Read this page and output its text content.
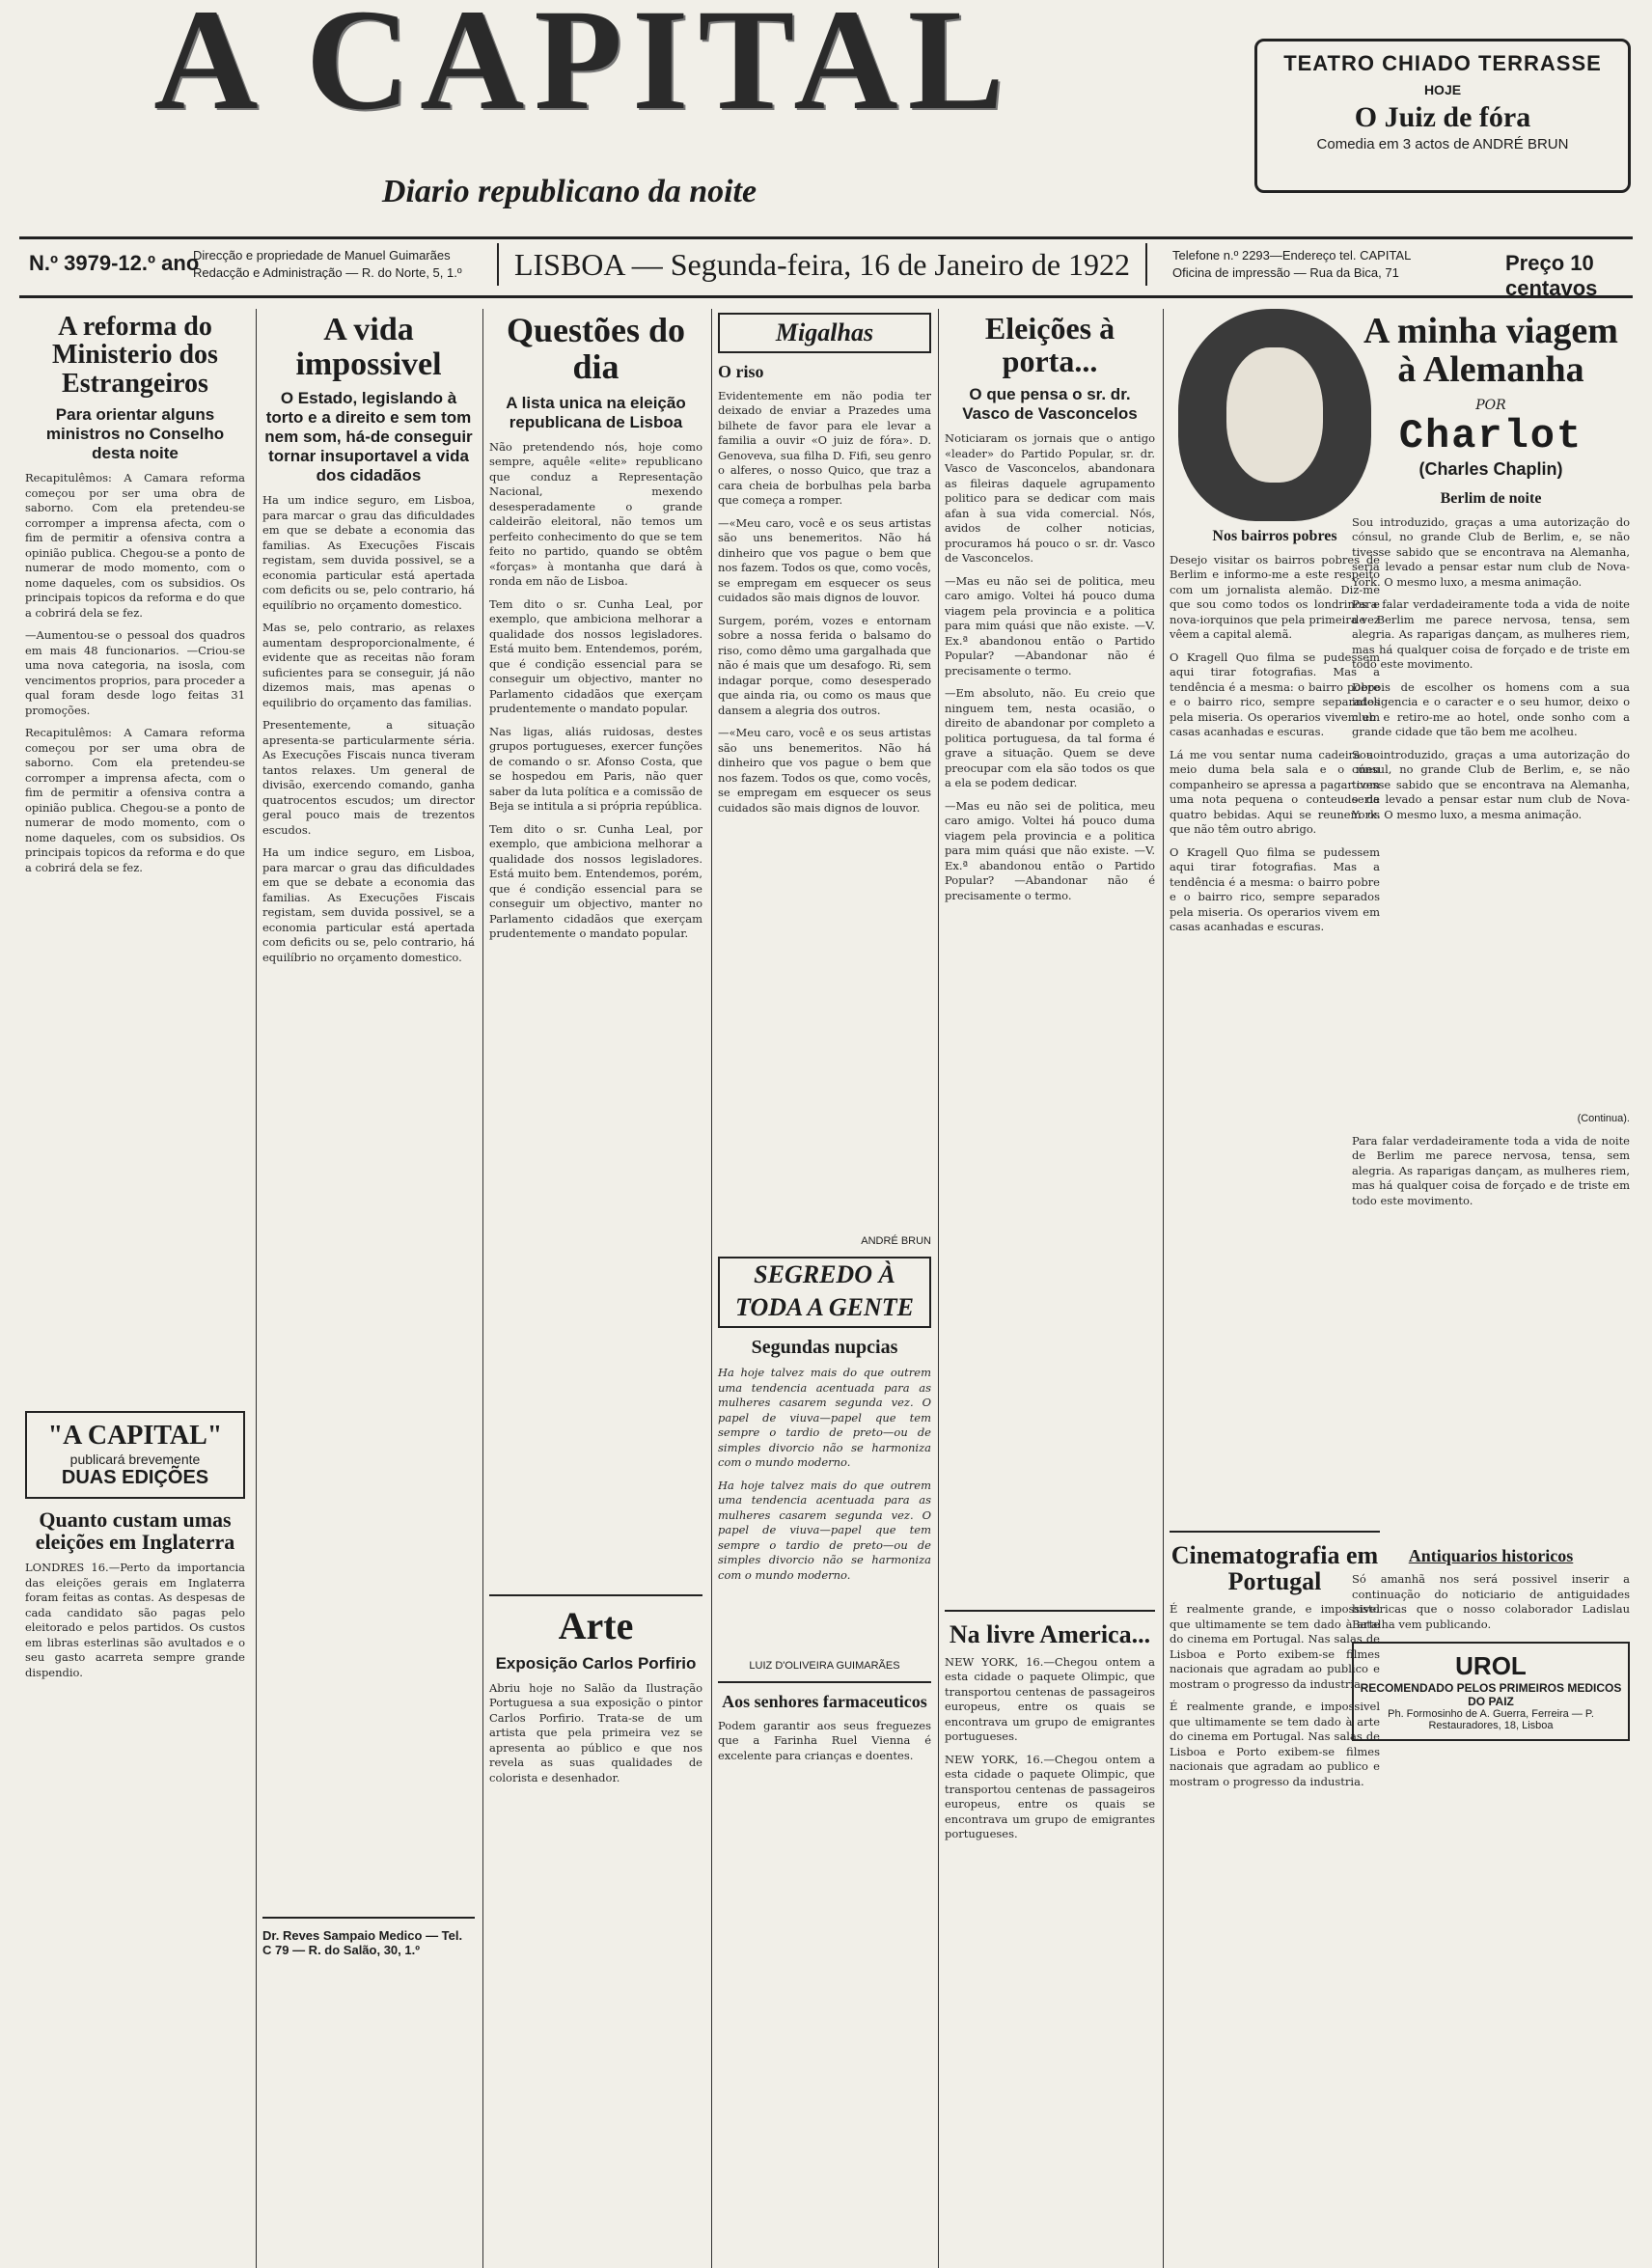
A CAPITAL
Diario republicano da noite
TEATRO CHIADO TERRASSE
HOJE
O Juiz de fóra
Comedia em 3 actos de ANDRÉ BRUN
N.º 3979-12.º ano
Direcção e propriedade de Manuel Guimarães
Redacção e Administração — R. do Norte, 5, 1.º	LISBOA — Segunda-feira, 16 de Janeiro de 1922	Telefone n.º 2293—Endereço tel. CAPITAL
Oficina de impressão — Rua da Bica, 71	Preço 10 centavos
A reforma do Ministerio dos Estrangeiros
Para orientar alguns ministros no Conselho desta noite

Recapitulêmos: A Camara reforma começou por ser uma obra de saborno. Com ela pretendeu-se corromper a imprensa afecta, com o fim de permitir a ofensiva contra a opinião publica. Chegou-se a ponto de numerar de modo momento, com o nome daqueles, com os subsidios. Os principais topicos da reforma e do que a cobrirá dela se fez.

—Aumentou-se o pessoal dos quadros em mais 48 funcionarios. —Criou-se uma nova categoria, na isosla, com vencimentos proprios, para proceder a qual foram desde logo feitas 31 promoções.

Recapitulêmos: A Camara reforma começou por ser uma obra de saborno. Com ela pretendeu-se corromper a imprensa afecta, com o fim de permitir a ofensiva contra a opinião publica. Chegou-se a ponto de numerar de modo momento, com o nome daqueles, com os subsidios. Os principais topicos da reforma e do que a cobrirá dela se fez.

"A CAPITAL"
publicará brevemente
DUAS EDIÇÕES
Quanto custam umas eleições em Inglaterra

LONDRES 16.—Perto da importancia das eleições gerais em Inglaterra foram feitas as contas. As despesas de cada candidato são pagas pelo eleitorado e pelos partidos. Os custos em libras esterlinas são avultados e o seu gasto acarreta sempre grande dispendio.

A vida impossivel
O Estado, legislando à torto e a direito e sem tom nem som, há-de conseguir tornar insuportavel a vida dos cidadãos

Ha um indice seguro, em Lisboa, para marcar o grau das dificuldades em que se debate a economia das familias. As Execuções Fiscais registam, sem duvida possivel, se a economia particular está apertada com deficits ou se, pelo contrario, há equilíbrio no orçamento domestico.

Mas se, pelo contrario, as relaxes aumentam desproporcionalmente, é evidente que as receitas não foram suficientes para se conseguir, já não dizemos mais, mas apenas o equilibrio do orçamento das familias.

Presentemente, a situação apresenta-se particularmente séria. As Execuções Fiscais nunca tiveram tantos relaxes. Um general de divisão, exercendo comando, ganha quatrocentos escudos; um director geral pouco mais de trezentos escudos.

Ha um indice seguro, em Lisboa, para marcar o grau das dificuldades em que se debate a economia das familias. As Execuções Fiscais registam, sem duvida possivel, se a economia particular está apertada com deficits ou se, pelo contrario, há equilíbrio no orçamento domestico.

Dr. Reves Sampaio Medico — Tel. C 79 — R. do Salão, 30, 1.º
Questões do dia
A lista unica na eleição republicana de Lisboa

Não pretendendo nós, hoje como sempre, aquêle «elite» republicano que conduz a Representação Nacional, mexendo desesperadamente o grande caldeirão eleitoral, não temos um perfeito conhecimento do que se tem feito no partido, quando se obtêm «forças» à montanha que dará à ronda em não de Lisboa.

Tem dito o sr. Cunha Leal, por exemplo, que ambiciona melhorar a qualidade dos nossos legisladores. Está muito bem. Entendemos, porém, que é condição essencial para se conseguir um objectivo, manter no Parlamento cidadãos que exerçam prudentemente o mandato popular.

Nas ligas, aliás ruidosas, destes grupos portugueses, exercer funções de comando o sr. Afonso Costa, que se hospedou em Paris, não quer saber da luta política e a comissão de Beja se intitula a si própria república.

Tem dito o sr. Cunha Leal, por exemplo, que ambiciona melhorar a qualidade dos nossos legisladores. Está muito bem. Entendemos, porém, que é condição essencial para se conseguir um objectivo, manter no Parlamento cidadãos que exerçam prudentemente o mandato popular.

Arte
Exposição Carlos Porfirio

Abriu hoje no Salão da Ilustração Portuguesa a sua exposição o pintor Carlos Porfirio. Trata-se de um artista que pela primeira vez se apresenta ao público e que nos revela as suas qualidades de colorista e desenhador.

Migalhas
O riso

Evidentemente em não podia ter deixado de enviar a Prazedes uma bilhete de favor para ele levar a familia a ouvir «O juiz de fóra». D. Genoveva, sua filha D. Fifi, seu genro o alferes, o nosso Quico, que traz a cara cheia de borbulhas pela barba que começa a romper.

—«Meu caro, você e os seus artistas são uns benemeritos. Não há dinheiro que vos pague o bem que nos fazem. Todos os que, como vocês, se empregam em esquecer os seus cuidados são mais dignos de louvor.

Surgem, porém, vozes e entornam sobre a nossa ferida o balsamo do riso, como dêmo uma gargalhada que não é mais que um desafogo. Ri, sem indagar porque, como desesperado que ainda ria, ou como os maus que dansem a alegria dos outros.

—«Meu caro, você e os seus artistas são uns benemeritos. Não há dinheiro que vos pague o bem que nos fazem. Todos os que, como vocês, se empregam em esquecer os seus cuidados são mais dignos de louvor.

ANDRÉ BRUN
SEGREDO À TODA A GENTE
Segundas nupcias

Ha hoje talvez mais do que outrem uma tendencia acentuada para as mulheres casarem segunda vez. O papel de viuva—papel que tem sempre o tardio de preto—ou de simples divorcio não se harmoniza com o mundo moderno.

Ha hoje talvez mais do que outrem uma tendencia acentuada para as mulheres casarem segunda vez. O papel de viuva—papel que tem sempre o tardio de preto—ou de simples divorcio não se harmoniza com o mundo moderno.

LUIZ D'OLIVEIRA GUIMARÃES
Aos senhores farmaceuticos

Podem garantir aos seus freguezes que a Farinha Ruel Vienna é excelente para crianças e doentes.

Eleições à porta...
O que pensa o sr. dr. Vasco de Vasconcelos

Noticiaram os jornais que o antigo «leader» do Partido Popular, sr. dr. Vasco de Vasconcelos, abandonara as fileiras daquele agrupamento politico para se dedicar com mais afan à sua vida comercial. Nós, avidos de colher noticias, procuramos há pouco o sr. dr. Vasco de Vasconcelos.

—Mas eu não sei de politica, meu caro amigo. Voltei há pouco duma viagem pela provincia e a politica para mim quási que não existe. —V. Ex.ª abandonou então o Partido Popular? —Abandonar não é precisamente o termo.

—Em absoluto, não. Eu creio que ninguem tem, nesta ocasião, o direito de abandonar por completo a politica portuguesa, da tal forma é grave a situação. Quem se deve preocupar com ela são todos os que a ela se podem dedicar.

—Mas eu não sei de politica, meu caro amigo. Voltei há pouco duma viagem pela provincia e a politica para mim quási que não existe. —V. Ex.ª abandonou então o Partido Popular? —Abandonar não é precisamente o termo.

Na livre America...

NEW YORK, 16.—Chegou ontem a esta cidade o paquete Olimpic, que transportou centenas de passageiros europeus, entre os quais se encontrava um grupo de emigrantes portugueses.

NEW YORK, 16.—Chegou ontem a esta cidade o paquete Olimpic, que transportou centenas de passageiros europeus, entre os quais se encontrava um grupo de emigrantes portugueses.

Nos bairros pobres

Desejo visitar os bairros pobres de Berlim e informo-me a este respeito com um jornalista alemão. Diz-me que sou como todos os londrinos e nova-iorquinos que pela primeira vez vêem a capital alemã.

O Kragell Quo filma se pudessem aqui tirar fotografias. Mas a tendência é a mesma: o bairro pobre e o bairro rico, sempre separados pela miseria. Os operarios vivem em casas acanhadas e escuras.

Lá me vou sentar numa cadeira ao meio duma bela sala e o meu companheiro se apressa a pagar com uma nota pequena o conteudo de quatro bebidas. Aqui se reunem os que não têm outro abrigo.

O Kragell Quo filma se pudessem aqui tirar fotografias. Mas a tendência é a mesma: o bairro pobre e o bairro rico, sempre separados pela miseria. Os operarios vivem em casas acanhadas e escuras.

Cinematografia em Portugal

É realmente grande, e impossivel que ultimamente se tem dado à arte do cinema em Portugal. Nas salas de Lisboa e Porto exibem-se filmes nacionais que agradam ao publico e mostram o progresso da industria.

É realmente grande, e impossivel que ultimamente se tem dado à arte do cinema em Portugal. Nas salas de Lisboa e Porto exibem-se filmes nacionais que agradam ao publico e mostram o progresso da industria.

A minha viagem à Alemanha
POR
Charlot
(Charles Chaplin)
Berlim de noite

Sou introduzido, graças a uma autorização do cónsul, no grande Club de Berlim, e, se não tivesse sabido que se encontrava na Alemanha, seria levado a pensar estar num club de Nova-York. O mesmo luxo, a mesma animação.

Para falar verdadeiramente toda a vida de noite de Berlim me parece nervosa, tensa, sem alegria. As raparigas dançam, as mulheres riem, mas há qualquer coisa de forçado e de triste em todo este movimento.

Depois de escolher os homens com a sua inteligencia e o caracter e o seu humor, deixo o club e retiro-me ao hotel, onde sonho com a grande cidade que tão bem me acolheu.

Sou introduzido, graças a uma autorização do cónsul, no grande Club de Berlim, e, se não tivesse sabido que se encontrava na Alemanha, seria levado a pensar estar num club de Nova-York. O mesmo luxo, a mesma animação.

(Continua).

Para falar verdadeiramente toda a vida de noite de Berlim me parece nervosa, tensa, sem alegria. As raparigas dançam, as mulheres riem, mas há qualquer coisa de forçado e de triste em todo este movimento.

Antiquarios historicos

Só amanhã nos será possivel inserir a continuação do noticiario de antiguidades historicas que o nosso colaborador Ladislau Batalha vem publicando.

UROL
RECOMENDADO PELOS PRIMEIROS MEDICOS DO PAIZ
Ph. Formosinho de A. Guerra, Ferreira — P. Restauradores, 18, Lisboa
